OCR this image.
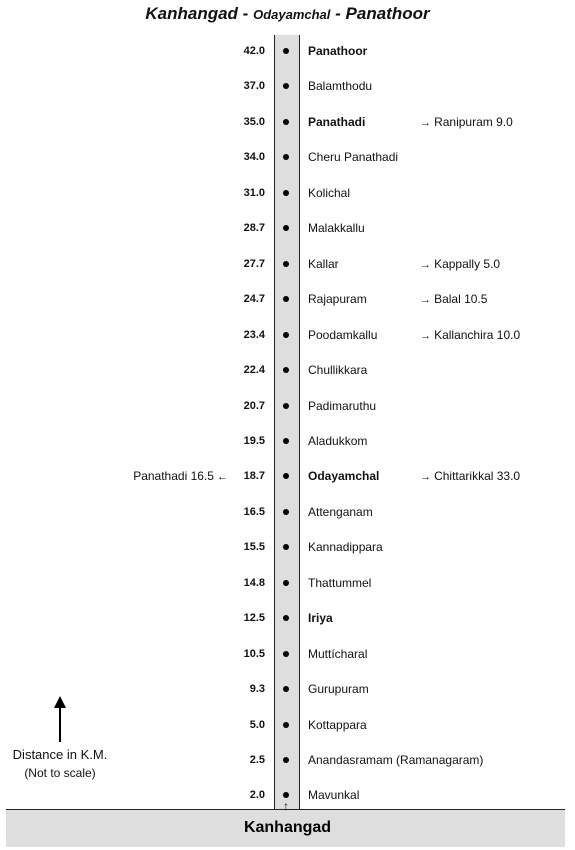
Kanhangad - Odayamchal - Panathoor
Kanhangad
↑
42.0	Panathoor
37.0	Balamthodu
35.0	Panathadi	→ Ranipuram 9.0
34.0	Cheru Panathadi
31.0	Kolichal
28.7	Malakkallu
27.7	Kallar	→ Kappally 5.0
24.7	Rajapuram	→ Balal 10.5
23.4	Poodamkallu	→ Kallanchira 10.0
22.4	Chullikkara
20.7	Padimaruthu
19.5	Aladukkom
18.7	Odayamchal	→ Chittarikkal 33.0
Panathadi 16.5 ←
16.5	Attenganam
15.5	Kannadippara
14.8	Thattummel
12.5	Iriya
10.5	Muttícharal
9.3	Gurupuram
5.0	Kottappara
2.5	Anandasramam (Ramanagaram)
2.0	Mavunkal
Distance in K.M.
(Not to scale)
